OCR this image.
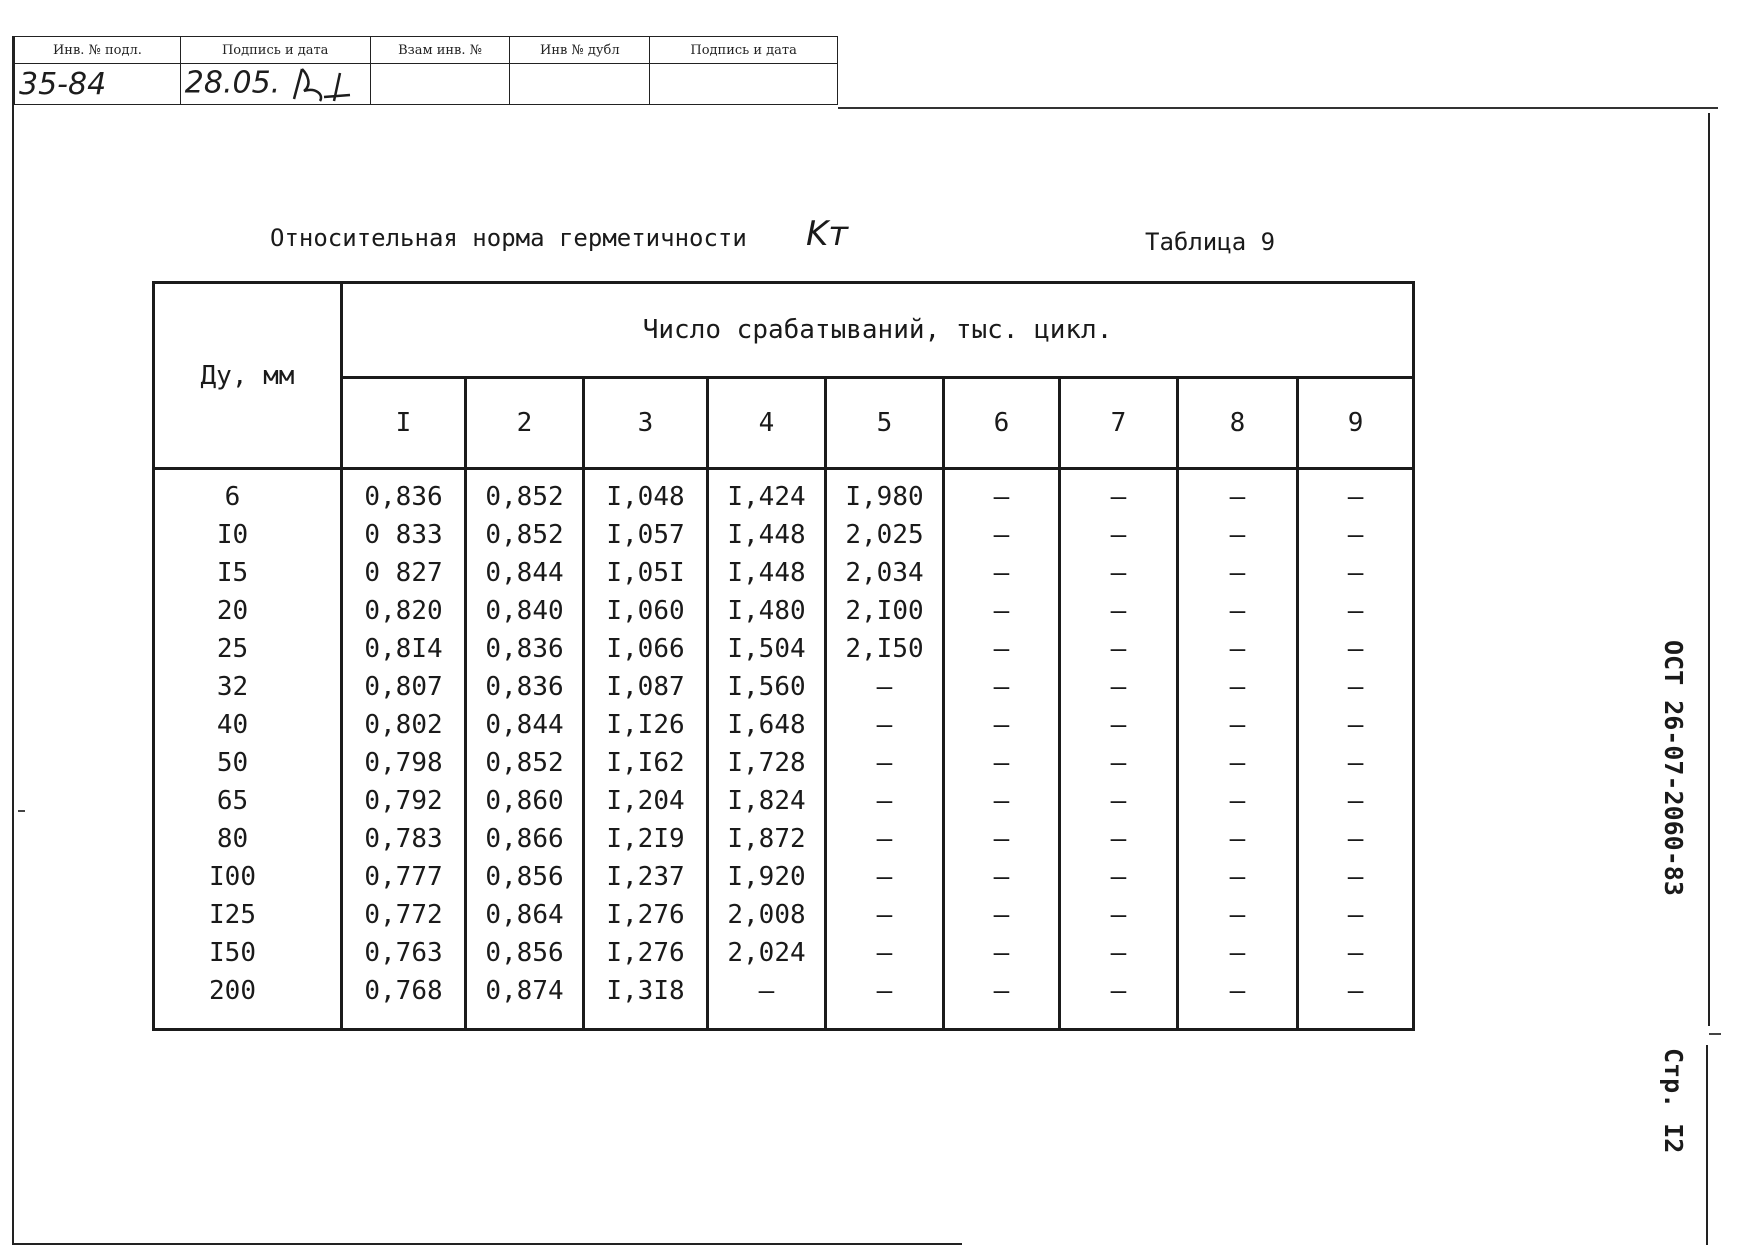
Инв. № подл.	Подпись и дата	Взам инв. №	Инв № дубл	Подпись и дата
35-84	28.05.			
Относительная норма герметичности Kт	Таблица 9
Ду, мм	Число срабатываний, тыс. цикл.								
	I	2	3	4	5	6	7	8	9
6	0,836	0,852	I,048	I,424	I,980	–	–	–	–
I0	0 833	0,852	I,057	I,448	2,025	–	–	–	–
I5	0 827	0,844	I,05I	I,448	2,034	–	–	–	–
20	0,820	0,840	I,060	I,480	2,I00	–	–	–	–
25	0,8I4	0,836	I,066	I,504	2,I50	–	–	–	–
32	0,807	0,836	I,087	I,560	–	–	–	–	–
40	0,802	0,844	I,I26	I,648	–	–	–	–	–
50	0,798	0,852	I,I62	I,728	–	–	–	–	–
65	0,792	0,860	I,204	I,824	–	–	–	–	–
80	0,783	0,866	I,2I9	I,872	–	–	–	–	–
I00	0,777	0,856	I,237	I,920	–	–	–	–	–
I25	0,772	0,864	I,276	2,008	–	–	–	–	–
I50	0,763	0,856	I,276	2,024	–	–	–	–	–
200	0,768	0,874	I,3I8	–	–	–	–	–	–
ОСТ 26-07-2060-83
Стр. I2
